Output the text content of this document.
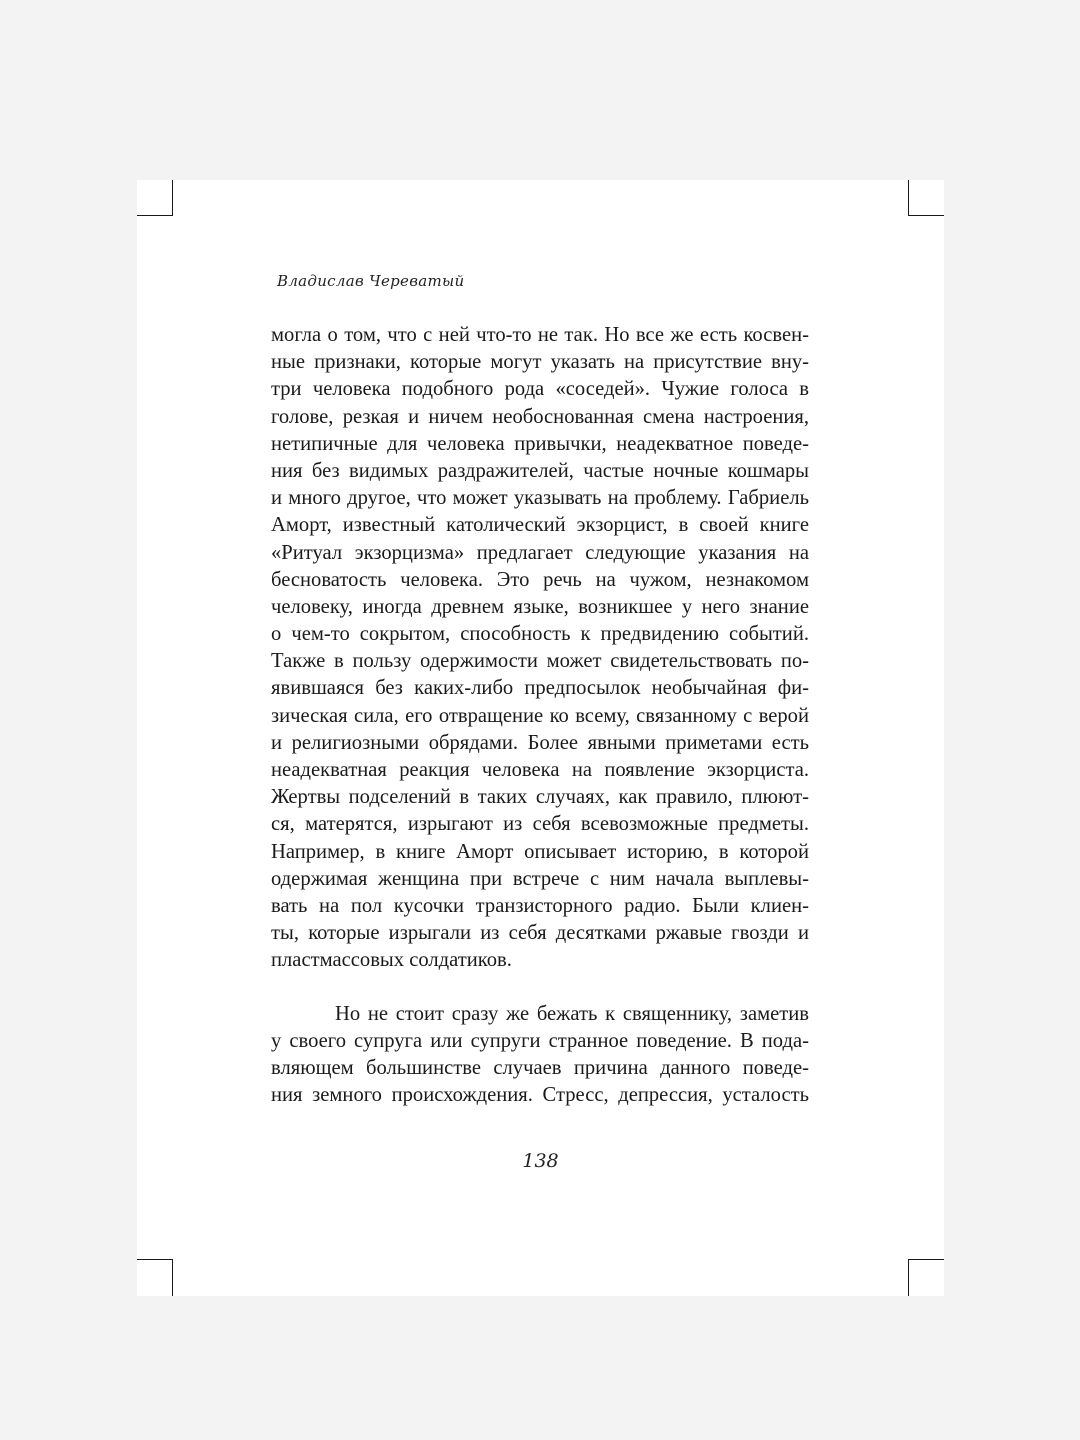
Владислав Череватый
могла о том, что с ней что-то не так. Но все же есть косвен-
ные признаки, которые могут указать на присутствие вну-
три человека подобного рода «соседей». Чужие голоса в
голове, резкая и ничем необоснованная смена настроения,
нетипичные для человека привычки, неадекватное поведе-
ния без видимых раздражителей, частые ночные кошмары
и много другое, что может указывать на проблему. Габриель
Аморт, известный католический экзорцист, в своей книге
«Ритуал экзорцизма» предлагает следующие указания на
бесноватость человека. Это речь на чужом, незнакомом
человеку, иногда древнем языке, возникшее у него знание
о чем-то сокрытом, способность к предвидению событий.
Также в пользу одержимости может свидетельствовать по-
явившаяся без каких-либо предпосылок необычайная фи-
зическая сила, его отвращение ко всему, связанному с верой
и религиозными обрядами. Более явными приметами есть
неадекватная реакция человека на появление экзорциста.
Жертвы подселений в таких случаях, как правило, плюют-
ся, матерятся, изрыгают из себя всевозможные предметы.
Например, в книге Аморт описывает историю, в которой
одержимая женщина при встрече с ним начала выплевы-
вать на пол кусочки транзисторного радио. Были клиен-
ты, которые изрыгали из себя десятками ржавые гвозди и
пластмассовых солдатиков.
Но не стоит сразу же бежать к священнику, заметив
у своего супруга или супруги странное поведение. В пода-
вляющем большинстве случаев причина данного поведе-
ния земного происхождения. Стресс, депрессия, усталость
138
